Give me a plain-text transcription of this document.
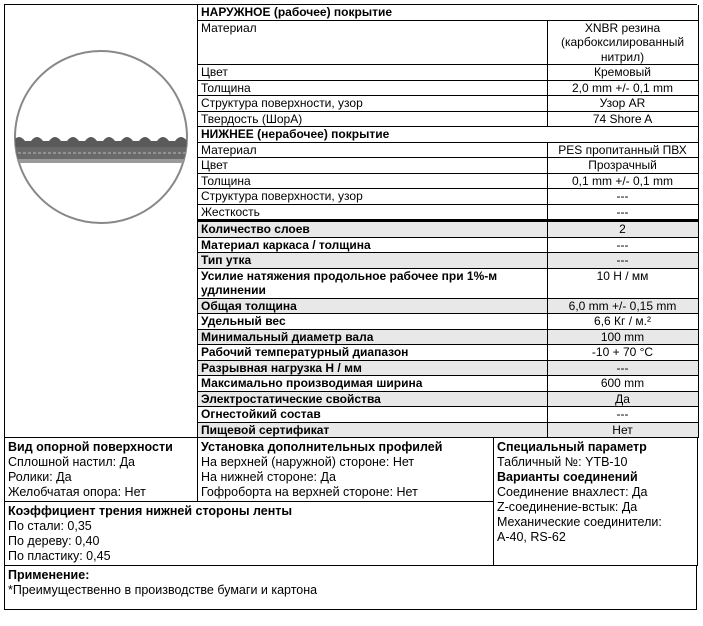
НАРУЖНОЕ (рабочее) покрытие	
Материал	XNBR резина (карбоксилированный нитрил)
Цвет	Кремовый
Толщина	2,0 mm +/- 0,1 mm
Структура поверхности, узор	Узор AR
Твердость (ШорА)	74 Shore A
НИЖНЕЕ (нерабочее) покрытие	
Материал	PES пропитанный ПВХ
Цвет	Прозрачный
Толщина	0,1 mm +/- 0,1 mm
Структура поверхности, узор	---
Жесткость	---
Количество слоев	2
Материал каркаса / толщина	---
Тип утка	---
Усилие натяжения продольное рабочее при 1%-м удлинении	10 Н / мм
Общая толщина	6,0 mm +/- 0,15 mm
Удельный вес	6,6 Кг / м.²
Минимальный диаметр вала	100 mm
Рабочий температурный диапазон	-10 + 70 °C
Разрывная нагрузка Н / мм	---
Максимально производимая ширина	600 mm
Электростатические свойства	Да
Огнестойкий состав	---
Пищевой сертификат	Нет
Вид опорной поверхности
Сплошной настил: Да
Ролики: Да
Желобчатая опора: Нет
Установка дополнительных профилей
На верхней (наружной) стороне: Нет
На нижней стороне: Да
Гофроборта на верхней стороне: Нет
Специальный параметр
Табличный №: YTB-10
Варианты соединений
Соединение внахлест: Да
Z-соединение-встык: Да
Механические соединители: А-40, RS-62
Коэффициент трения нижней стороны ленты
По стали: 0,35
По дереву: 0,40
По пластику: 0,45
Применение:
*Преимущественно в производстве бумаги и картона
